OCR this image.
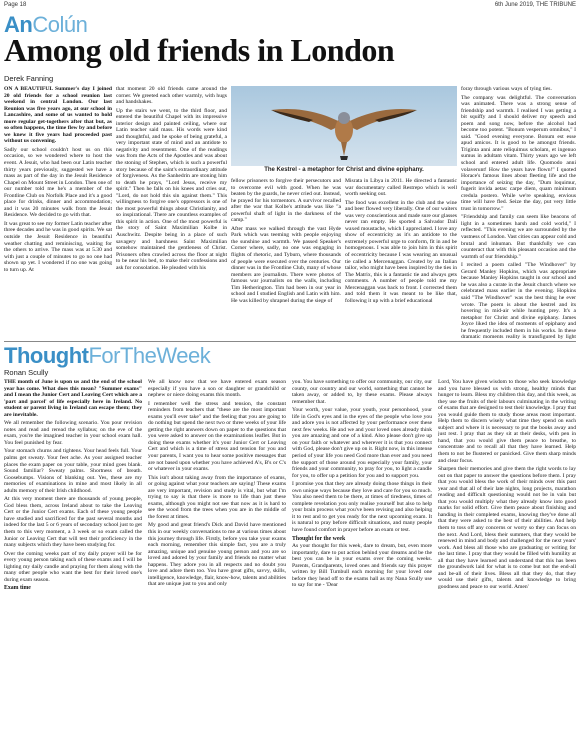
Page 18	6th June 2019, THE TRIBUNE
AnColún
Among old friends in London
Derek Fanning

ON A BEAUTIFUL Summer's day I joined 20 old friends for a school reunion last weekend in central London. Our last Reunion was five years ago, at our school in Lancashire, and some of us wanted to hold more regular get-togethers after that but, as so often happens, the time flew by and before we knew it five years had proceeded past without us convening.

Sadly our school couldn't host us on this occasion, so we wondered where to host the event. A Jesuit, who had been our Latin teacher thirty years previously, suggested we have a mass as part of the day in the Jesuit Residence Chapel on Mount Street in London. Then one of our number told me he's a member of the Frontline Club on Norfolk Place and it's a good place for drinks, dinner and accommodation; and it was 20 minutes walk from the Jesuit Residence. We decided to go with that.

It was great to see my former Latin teacher after three decades and he was in good spirits. We sat outside the Jesuit Residence in beautiful weather chatting and reminiscing, waiting for the others to arrive. The mass was at 5.30 and with just a couple of minutes to go no one had shown up yet. I wondered if no one was going to turn up. At

that moment 20 old friends came around the corner. We greeted each other warmly, with hugs and handshakes.

Up the stairs we went, to the third floor, and entered the beautiful Chapel with its impressive interior design and painted ceiling, where our Latin teacher said mass. His words were kind and thoughtful, and he spoke of being grateful, a very important state of mind and an antidote to negativity and resentment. One of the readings was from the Acts of the Apostles and was about the stoning of Stephen, which is such a powerful story because of the saint's extraordinary attitude of forgiveness. As the Sanhedrin are stoning him to death he prays, "Lord Jesus, receive my spirit." Then he falls on his knees and cries out, "Lord, do not hold this sin against them." This willingness to forgive one's oppressors is one of the most powerful things about Christianity, and so inspirational. There are countless examples of this spirit in action. One of the most powerful is the story of Saint Maximilian Kolbe in Auschwitz. Despite being in a place of such savagery and harshness Saint Maximilian somehow maintained the gentleness of Christ. Prisoners often crawled across the floor at night to be near his bed, to make their confessions and ask for consolation. He pleaded with his

The Kestrel - a metaphor for Christ and divine epiphany.

fellow prisoners to forgive their persecutors and to overcome evil with good. When he was beaten by the guards, he never cried out. Instead, he prayed for his tormentors. A survivor recalled after the war that Kolbe's attitude was like "a powerful shaft of light in the darkness of the camp."

After mass we walked through the vast Hyde Park which was teeming with people enjoying the sunshine and warmth. We passed Speaker's Corner where, sadly, no one was engaging in flights of rhetoric, and Tyburn, where thousands of people were executed over the centuries. Our dinner was in the Frontline Club, many of whose members are journalists. There were photos of famous war journalists on the walls, including Tim Hetherington. Tim had been in our year in school and I studied English and Latin with him. He was killed by shrapnel during the siege of

Misrata in Libya in 2011. He directed a fantastic war documentary called Restrepo which is well worth seeking out.

The food was excellent in the club and the wine and beer flowed very liberally. One of our waiters was very conscientious and made sure our glasses never ran empty. He sported a Salvador Dali waxed moustache, which I appreciated. I love any show of eccentricity as it's an antidote to the extremely powerful urge to conform, fit in and be homogenous. I was able to join him in this spirit of eccentricity because I was wearing an unusual tie called a Mercenaggan. Created by an Italian tailor, who might have been inspired by the ties in The Matrix, this is a fantastic tie and always gets comments. A number of people told me my Mercenaggan was back to front. I corrected them and told them it was meant to be like that, following it up with a brief educational

foray through various ways of tying ties.

The company was delightful. The conversation was animated. There was a strong sense of friendship and warmth. I realised I was getting a bit squiffy and I should deliver my speech and poem and song now, before the alcohol had become too potent. "Bonum vesperum omnibus," I said. "Good evening everyone. Bonum est esse apud amicos. It is good to be amongst friends. Triginta anni ante reliquimus scholam, et ingenuo sumus in adultam vitam. Thirty years ago we left school and entered adult life. Quomodo anni volaverunt! How the years have flown!" I quoted Horace's famous lines about fleeting life and the importance of seizing the day, "Dum loquimur, fugerit invida aetas: carpe diem, quam minimum credula postero. While we're speaking, envious time will have fled. Seize the day, put very little trust in tomorrow."

"Friendship and family can seem like beacons of light in a sometimes harsh and cold world," I reflected. "This evening we are surrounded by the vastness of London. Vast cities can appear cold and brutal and inhuman. But thankfully we can counteract that with this pleasant occasion and the warmth of our friendship."

I recited a poem called "The Windhover" by Gerard Manley Hopkins, which was appropriate because Manley Hopkins taught in our school and he was also a curate in the Jesuit church where we celebrated mass earlier in the evening. Hopkins said "The Windhover" was the best thing he ever wrote. The poem is about the kestrel and its hovering in mid-air while hunting prey. It's a metaphor for Christ and divine epiphany. James Joyce liked the idea of moments of epiphany and he frequently included them in his works. In these dramatic moments reality is transfigured by light

ThoughtForTheWeek
Ronan Scully

THE month of June is upon us and the end of the school year has come. What does this mean? "Summer exams" and I mean the Junior Cert and Leaving Cert which are a 'part and parcel' of life especially here in Ireland. No student or parent living in Ireland can escape them; they are inevitable.

We all remember the following scenario. You pour revision notes and read and reread the syllabus; on the eve of the exam, you're the imagined teacher in your school exam hall. You feel punished by fear.

Your stomach churns and tightens. Your head feels full. Your palms get sweaty. Your feet ache. As your assigned teacher places the exam paper on your table, your mind goes blank. Sound familiar? Sweaty palms. Shortness of breath. Goosebumps. Visions of blanking out. Yes, these are my memories of examinations in mine and most likely in all adults memory of their Irish childhood.

At this very moment there are thousands of young people, God bless them, across Ireland about to take the Leaving Cert or the Junior Cert exams. Each of these young people have studied and sacrificed for the past several months and indeed for the last 5 or 6 years of secondary school just to get them to this very moment, a 3 week or so exam called the Junior or Leaving Cert that will test their proficiency in the many subjects which they have been studying for.

Over the coming weeks part of my daily prayer will be for every young person taking each of these exams and I will be lighting my daily candle and praying for them along with the many other people who want the best for their loved one's during exam season.

Exam time

We all know now that we have entered exam season especially if you have a son or daughter or grandchild or nephew or niece doing exams this month.

I remember well the stress and tension, the constant reminders from teachers that "these are the most important exams you'll ever take" and the feeling that you are going to do nothing but spend the next two or three weeks of your life getting the right answers down on paper to the questions that you were asked to answer on the examinations leaflet. But in doing these exams whether it's your Junior Cert or Leaving Cert and which is a time of stress and tension for you and your parents, I want you to hear some positive messages that are not based upon whether you have achieved A's, B's or C's or whatever in your exams.

This isn't about taking away from the importance of exams, or going against what your teachers are saying! These exams are very important, revision and study is vital, but what I'm trying to say is that there is more to life than just these exams, although you might not see that now as it is hard to see the wood from the trees when you are in the middle of the forest at times.

My good and great friend's Dick and David have mentioned this in our weekly conversations to me at various times about this journey through life. Firstly, before you take your exams each morning, remember this simple fact, you are a truly amazing, unique and genuine young person and you are so loved and adored by your family and friends no matter what happens. They adore you in all respects and no doubt you love and adore them too. You have great gifts, savvy, skills, intelligence, knowledge, flair, know-how, talents and abilities that are unique just to you and only

you. You have something to offer our community, our city, our county, our country and our world, something that cannot be taken away, or added to, by these exams. Please always remember that.

Your worth, your value, your youth, your personhood, your life in God's eyes and in the eyes of the people who love you and adore you is not affected by your performance over these next few weeks. He and we and your loved ones already think you are amazing and one of a kind. Also please don't give up on your faith or whatever and wherever it is that you connect with God, please don't give up on it. Right now, in this intense period of your life you need God more than ever and you need the support of those around you especially your family, your friends and your community, to pray for you, to light a candle for you, to offer up a petition for you and to support you.

I promise you that they are already doing those things in their own unique ways because they love and care for you so much. You also need them to be there, at times of tiredness, times of complete revelation you only realise yourself but also to help your brain process what you've been revising and also helping it to rest and to get you ready for the next upcoming exam. It is natural to pray before difficult situations, and many people have found comfort in prayer before an exam or test.

Thought for the week

As your thought for this week, dare to dream, but, even more importantly, dare to put action behind your dreams and be the best you can be in your exams over the coming weeks. Parents, Grandparents, loved ones and friends say this prayer written by Bill Turnbull each morning for your loved one before they head off to the exams hall as my Nana Scully use to say for me - 'Dear

Lord, You have given wisdom to those who seek knowledge and you have blessed us with strong, healthy minds that hunger to learn. Bless my children this day, and this week, as they use the fruits of their labours culminating in the writing of exams that are designed to test their knowledge. I pray that you would guide them to study those areas most important. Help them to discern wisely what time they spend on each subject and where it is necessary to put the books away and just rest. I pray that as they sit at their desks, with pen in hand, that you would give them peace to breathe, to concentrate and to recall all that they have learned. Help them to not be flustered or panicked. Give them sharp minds and clear focus.

Sharpen their memories and give them the right words to lay out on that paper to answer the questions before them. I pray that you would bless the work of their minds over this past year and that all of their late nights, long projects, marathon reading and difficult questioning would not be in vain but that you would multiply what they already know into good marks for solid effort. Give them peace about finishing and handing in their completed exams, knowing they've done all that they were asked to the best of their abilities. And help them to toss off any concerns or worry so they can focus on the next. And Lord, bless their summers, that they would be renewed in mind and body and challenged for the next years' work. And bless all those who are graduating or writing for the last time. I pray that they would be filled with humility at all that they have learned and understand that this has been the groundwork laid for what is to come but not the end-all and be-all of their lives. Bless all that they do, that they would use their gifts, talents and knowledge to bring goodness and peace to our world. Amen'
